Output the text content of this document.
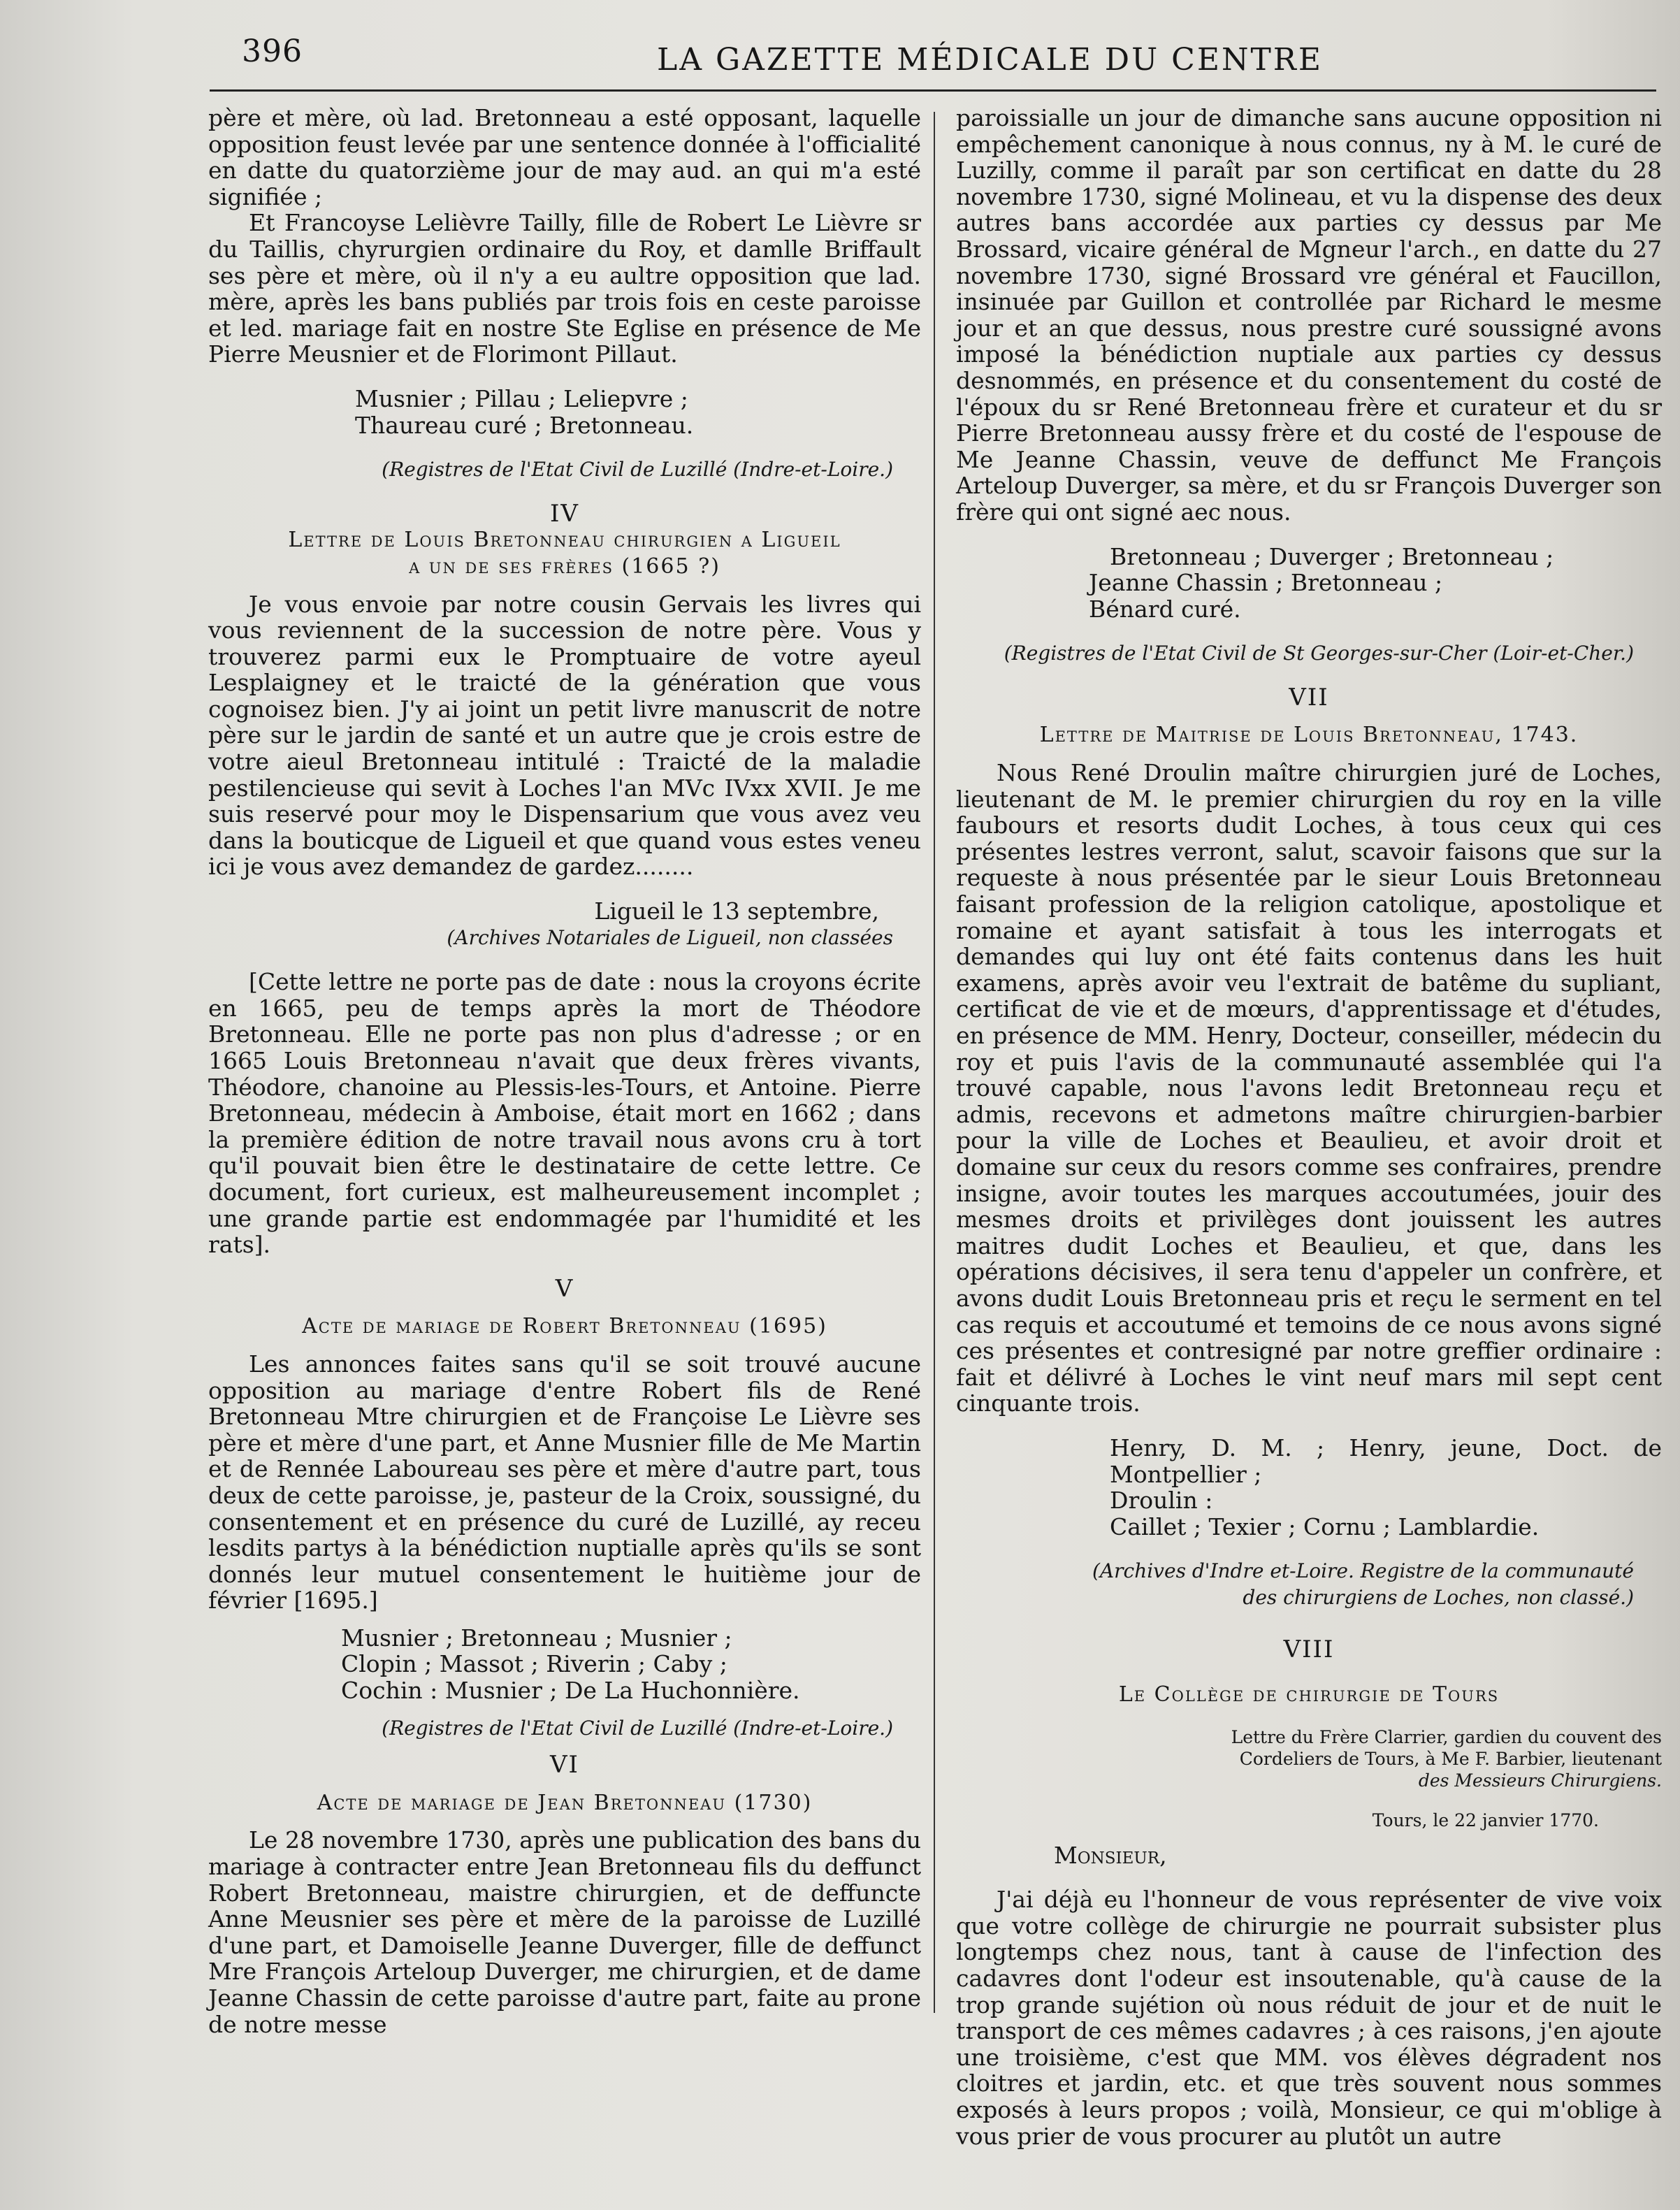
396	LA GAZETTE MÉDICALE DU CENTRE

père et mère, où lad. Bretonneau a esté opposant, laquelle opposition feust levée par une sentence donnée à l'officialité en datte du quatorzième jour de may aud. an qui m'a esté signifiée ;

Et Francoyse Lelièvre Tailly, fille de Robert Le Lièvre sr du Taillis, chyrurgien ordinaire du Roy, et damlle Briffault ses père et mère, où il n'y a eu aultre opposition que lad. mère, après les bans publiés par trois fois en ceste paroisse et led. mariage fait en nostre Ste Eglise en présence de Me Pierre Meusnier et de Florimont Pillaut.

Musnier ; Pillau ; Leliepvre ;

Thaureau curé ; Bretonneau.

(Registres de l'Etat Civil de Luzillé (Indre-et-Loire.)

IV

Lettre de Louis Bretonneau chirurgien a Ligueil

a un de ses frères (1665 ?)

Je vous envoie par notre cousin Gervais les livres qui vous reviennent de la succession de notre père. Vous y trouverez parmi eux le Promptuaire de votre ayeul Lesplaigney et le traicté de la génération que vous cognoisez bien. J'y ai joint un petit livre manuscrit de notre père sur le jardin de santé et un autre que je crois estre de votre aieul Bretonneau intitulé : Traicté de la maladie pestilencieuse qui sevit à Loches l'an MVc IVxx XVII. Je me suis reservé pour moy le Dispensarium que vous avez veu dans la bouticque de Ligueil et que quand vous estes veneu ici je vous avez demandez de gardez........

Ligueil le 13 septembre,

(Archives Notariales de Ligueil, non classées

[Cette lettre ne porte pas de date : nous la croyons écrite en 1665, peu de temps après la mort de Théodore Bretonneau. Elle ne porte pas non plus d'adresse ; or en 1665 Louis Bretonneau n'avait que deux frères vivants, Théodore, chanoine au Plessis-les-Tours, et Antoine. Pierre Bretonneau, médecin à Amboise, était mort en 1662 ; dans la première édition de notre travail nous avons cru à tort qu'il pouvait bien être le destinataire de cette lettre. Ce document, fort curieux, est malheureusement incomplet ; une grande partie est endommagée par l'humidité et les rats].

V

Acte de mariage de Robert Bretonneau (1695)

Les annonces faites sans qu'il se soit trouvé aucune opposition au mariage d'entre Robert fils de René Bretonneau Mtre chirurgien et de Françoise Le Lièvre ses père et mère d'une part, et Anne Musnier fille de Me Martin et de Rennée Laboureau ses père et mère d'autre part, tous deux de cette paroisse, je, pasteur de la Croix, soussigné, du consentement et en présence du curé de Luzillé, ay receu lesdits partys à la bénédiction nuptialle après qu'ils se sont donnés leur mutuel consentement le huitième jour de février [1695.]

Musnier ; Bretonneau ; Musnier ;

Clopin ; Massot ; Riverin ; Caby ;

Cochin : Musnier ; De La Huchonnière.

(Registres de l'Etat Civil de Luzillé (Indre-et-Loire.)

VI

Acte de mariage de Jean Bretonneau (1730)

Le 28 novembre 1730, après une publication des bans du mariage à contracter entre Jean Bretonneau fils du deffunct Robert Bretonneau, maistre chirurgien, et de deffuncte Anne Meusnier ses père et mère de la paroisse de Luzillé d'une part, et Damoiselle Jeanne Duverger, fille de deffunct Mre François Arteloup Duverger, me chirurgien, et de dame Jeanne Chassin de cette paroisse d'autre part, faite au prone de notre messe

paroissialle un jour de dimanche sans aucune opposition ni empêchement canonique à nous connus, ny à M. le curé de Luzilly, comme il paraît par son certificat en datte du 28 novembre 1730, signé Molineau, et vu la dispense des deux autres bans accordée aux parties cy dessus par Me Brossard, vicaire général de Mgneur l'arch., en datte du 27 novembre 1730, signé Brossard vre général et Faucillon, insinuée par Guillon et controllée par Richard le mesme jour et an que dessus, nous prestre curé soussigné avons imposé la bénédiction nuptiale aux parties cy dessus desnommés, en présence et du consentement du costé de l'époux du sr René Bretonneau frère et curateur et du sr Pierre Bretonneau aussy frère et du costé de l'espouse de Me Jeanne Chassin, veuve de deffunct Me François Arteloup Duverger, sa mère, et du sr François Duverger son frère qui ont signé aec nous.

Bretonneau ; Duverger ; Bretonneau ;

Jeanne Chassin ; Bretonneau ;

Bénard curé.

(Registres de l'Etat Civil de St Georges-sur-Cher (Loir-et-Cher.)

VII

Lettre de Maitrise de Louis Bretonneau, 1743.

Nous René Droulin maître chirurgien juré de Loches, lieutenant de M. le premier chirurgien du roy en la ville faubours et resorts dudit Loches, à tous ceux qui ces présentes lestres verront, salut, scavoir faisons que sur la requeste à nous présentée par le sieur Louis Bretonneau faisant profession de la religion catolique, apostolique et romaine et ayant satisfait à tous les interrogats et demandes qui luy ont été faits contenus dans les huit examens, après avoir veu l'extrait de batême du supliant, certificat de vie et de mœurs, d'apprentissage et d'études, en présence de MM. Henry, Docteur, conseiller, médecin du roy et puis l'avis de la communauté assemblée qui l'a trouvé capable, nous l'avons ledit Bretonneau reçu et admis, recevons et admetons maître chirurgien-barbier pour la ville de Loches et Beaulieu, et avoir droit et domaine sur ceux du resors comme ses confraires, prendre insigne, avoir toutes les marques accoutumées, jouir des mesmes droits et privilèges dont jouissent les autres maitres dudit Loches et Beaulieu, et que, dans les opérations décisives, il sera tenu d'appeler un confrère, et avons dudit Louis Bretonneau pris et reçu le serment en tel cas requis et accoutumé et temoins de ce nous avons signé ces présentes et contresigné par notre greffier ordinaire : fait et délivré à Loches le vint neuf mars mil sept cent cinquante trois.

Henry, D. M. ; Henry, jeune, Doct. de Montpellier ;

Droulin :

Caillet ; Texier ; Cornu ; Lamblardie.

(Archives d'Indre et-Loire. Registre de la communauté

des chirurgiens de Loches, non classé.)

VIII

Le Collège de chirurgie de Tours

Lettre du Frère Clarrier, gardien du couvent des

Cordeliers de Tours, à Me F. Barbier, lieutenant

des Messieurs Chirurgiens.

Tours, le 22 janvier 1770.

Monsieur,

J'ai déjà eu l'honneur de vous représenter de vive voix que votre collège de chirurgie ne pourrait subsister plus longtemps chez nous, tant à cause de l'infection des cadavres dont l'odeur est insoutenable, qu'à cause de la trop grande sujétion où nous réduit de jour et de nuit le transport de ces mêmes cadavres ; à ces raisons, j'en ajoute une troisième, c'est que MM. vos élèves dégradent nos cloitres et jardin, etc. et que très souvent nous sommes exposés à leurs propos ; voilà, Monsieur, ce qui m'oblige à vous prier de vous procurer au plutôt un autre
